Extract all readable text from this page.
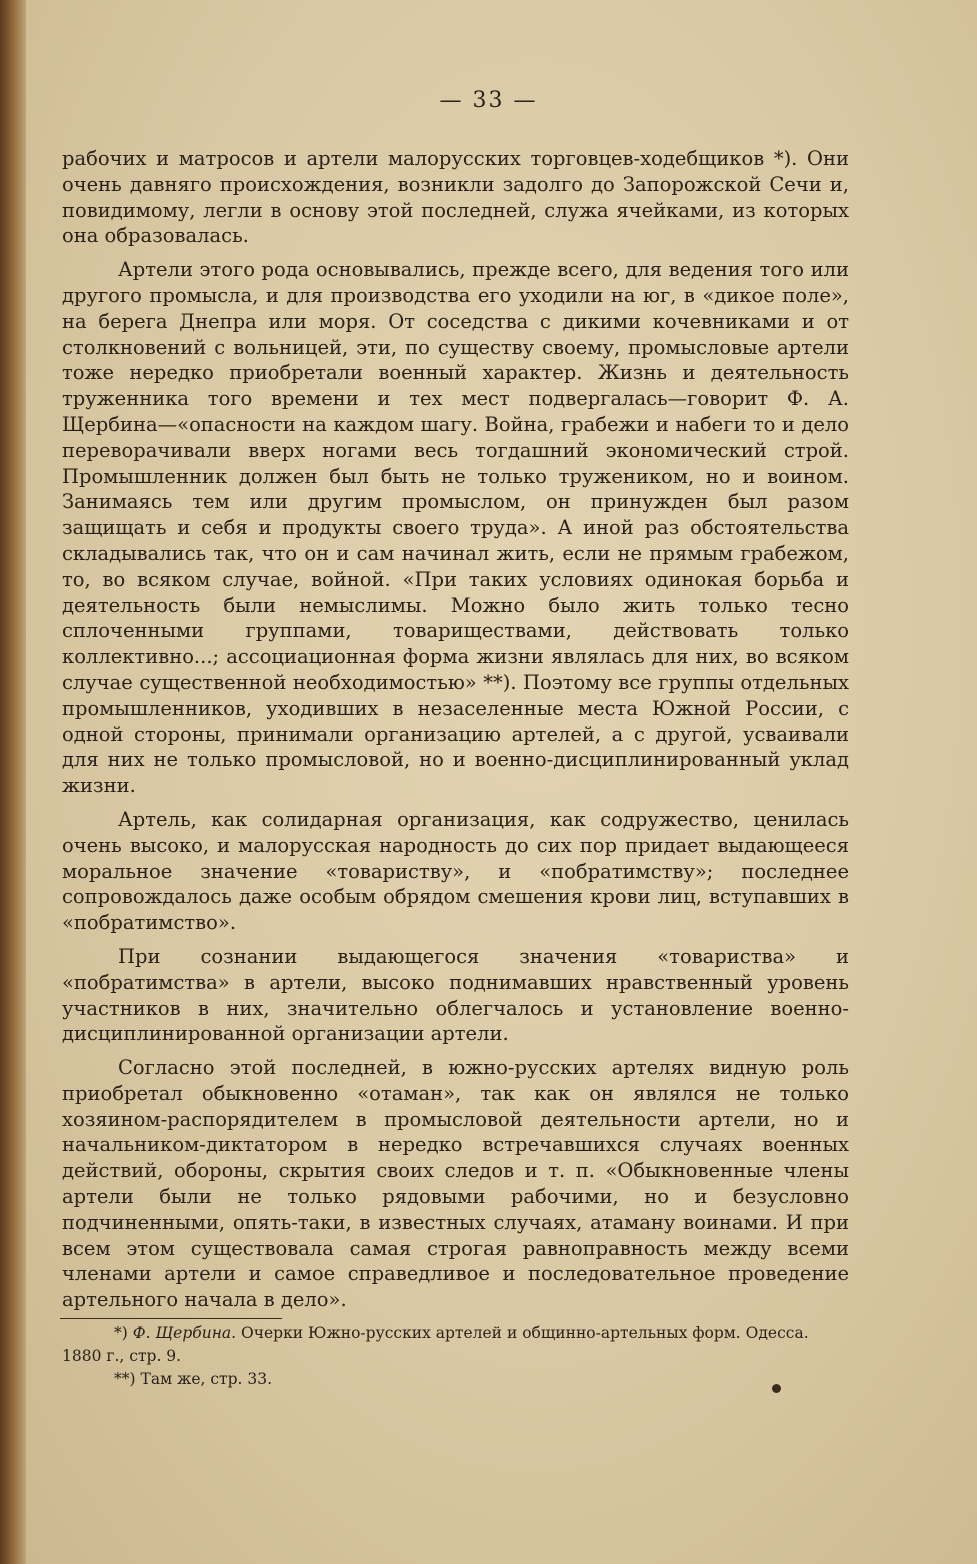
— 33 —

рабочих и матросов и артели малорусских торговцев-ходебщиков *). Они очень давняго происхождения, возникли задолго до Запорожской Сечи и, повидимому, легли в основу этой последней, служа ячейками, из которых она образовалась.

Артели этого рода основывались, прежде всего, для ведения того или другого промысла, и для производства его уходили на юг, в «дикое поле», на берега Днепра или моря. От соседства с дикими кочевниками и от столкновений с вольницей, эти, по существу своему, промысловые артели тоже нередко приобретали военный характер. Жизнь и деятельность труженника того времени и тех мест подвергалась—говорит Ф. А. Щербина—«опасности на каждом шагу. Война, грабежи и набеги то и дело переворачивали вверх ногами весь тогдашний экономический строй. Промышленник должен был быть не только тружеником, но и воином. Занимаясь тем или другим промыслом, он принужден был разом защищать и себя и продукты своего труда». А иной раз обстоятельства складывались так, что он и сам начинал жить, если не прямым грабежом, то, во всяком случае, войной. «При таких условиях одинокая борьба и деятельность были немыслимы. Можно было жить только тесно сплоченными группами, товариществами, действовать только коллективно...; ассоциационная форма жизни являлась для них, во всяком случае существенной необходимостью» **). Поэтому все группы отдельных промышленников, уходивших в незаселенные места Южной России, с одной стороны, принимали организацию артелей, а с другой, усваивали для них не только промысловой, но и военно-дисциплинированный уклад жизни.

Артель, как солидарная организация, как содружество, ценилась очень высоко, и малорусская народность до сих пор придает выдающееся моральное значение «товариству», и «побратимству»; последнее сопровождалось даже особым обрядом смешения крови лиц, вступавших в «побратимство».

При сознании выдающегося значения «товариства» и «побратимства» в артели, высоко поднимавших нравственный уровень участников в них, значительно облегчалось и установление военно-дисциплинированной организации артели.

Согласно этой последней, в южно-русских артелях видную роль приобретал обыкновенно «отаман», так как он являлся не только хозяином-распорядителем в промысловой деятельности артели, но и начальником-диктатором в нередко встречавшихся случаях военных действий, обороны, скрытия своих следов и т. п. «Обыкновенные члены артели были не только рядовыми рабочими, но и безусловно подчиненными, опять-таки, в известных случаях, атаману воинами. И при всем этом существовала самая строгая равноправность между всеми членами артели и самое справедливое и последовательное проведение артельного начала в дело».

*) Ф. Щербина. Очерки Южно-русских артелей и общинно-артельных форм. Одесса. 1880 г., стр. 9.

**) Там же, стр. 33.
